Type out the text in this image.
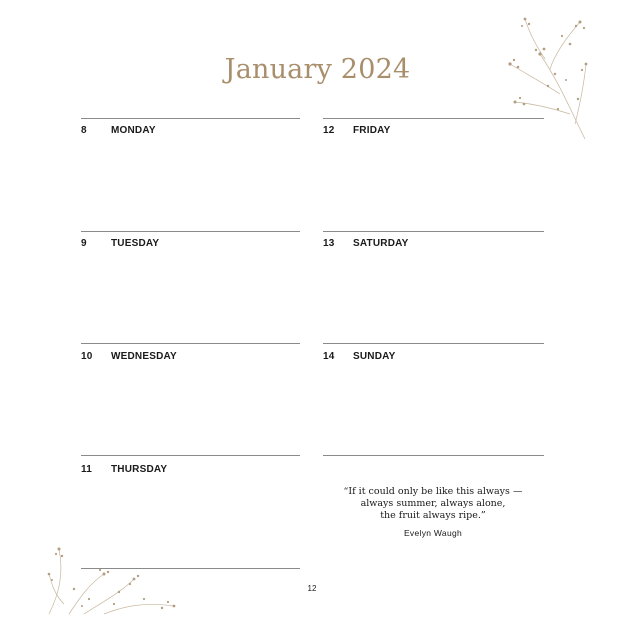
January 2024
8 MONDAY
9 TUESDAY
10 WEDNESDAY
11 THURSDAY
12 FRIDAY
13 SATURDAY
14 SUNDAY
“If it could only be like this always —
always summer, always alone,
the fruit always ripe.”
Evelyn Waugh
12
